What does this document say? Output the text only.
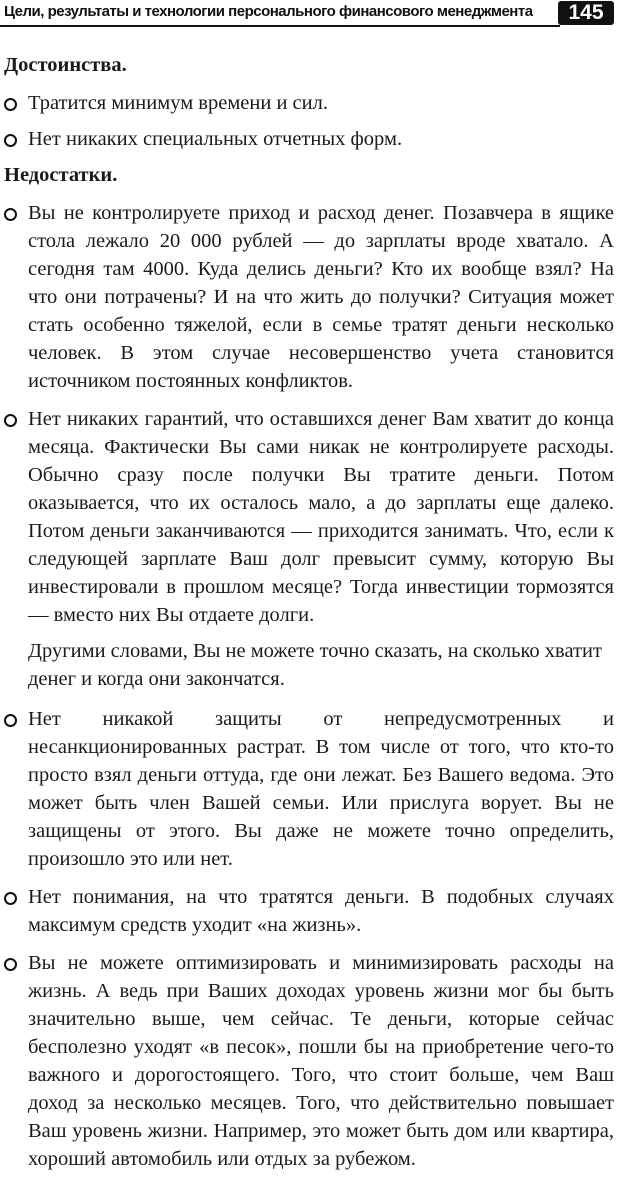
Цели, результаты и технологии персонального финансового менеджмента	145
Достоинства.
Тратится минимум времени и сил.
Нет никаких специальных отчетных форм.
Недостатки.
Вы не контролируете приход и расход денег. Позавчера в ящике стола лежало 20 000 рублей — до зарплаты вроде хватало. А сегодня там 4000. Куда делись деньги? Кто их вообще взял? На что они потрачены? И на что жить до получки? Ситуация может стать особенно тяжелой, если в семье тратят деньги несколько человек. В этом случае несовершенство учета становится источником постоянных конфликтов.
Нет никаких гарантий, что оставшихся денег Вам хватит до конца месяца. Фактически Вы сами никак не контролируете расходы. Обычно сразу после получки Вы тратите деньги. Потом оказывается, что их осталось мало, а до зарплаты еще далеко. Потом деньги заканчиваются — приходится занимать. Что, если к следующей зарплате Ваш долг превысит сумму, которую Вы инвестировали в прошлом месяце? Тогда инвестиции тормозятся — вместо них Вы отдаете долги.
Другими словами, Вы не можете точно сказать, на сколько хватит денег и когда они закончатся.
Нет никакой защиты от непредусмотренных и несанкционированных растрат. В том числе от того, что кто-то просто взял деньги оттуда, где они лежат. Без Вашего ведома. Это может быть член Вашей семьи. Или прислуга ворует. Вы не защищены от этого. Вы даже не можете точно определить, произошло это или нет.
Нет понимания, на что тратятся деньги. В подобных случаях максимум средств уходит «на жизнь».
Вы не можете оптимизировать и минимизировать расходы на жизнь. А ведь при Ваших доходах уровень жизни мог бы быть значительно выше, чем сейчас. Те деньги, которые сейчас бесполезно уходят «в песок», пошли бы на приобретение чего-то важного и дорогостоящего. Того, что стоит больше, чем Ваш доход за несколько месяцев. Того, что действительно повышает Ваш уровень жизни. Например, это может быть дом или квартира, хороший автомобиль или отдых за рубежом.
